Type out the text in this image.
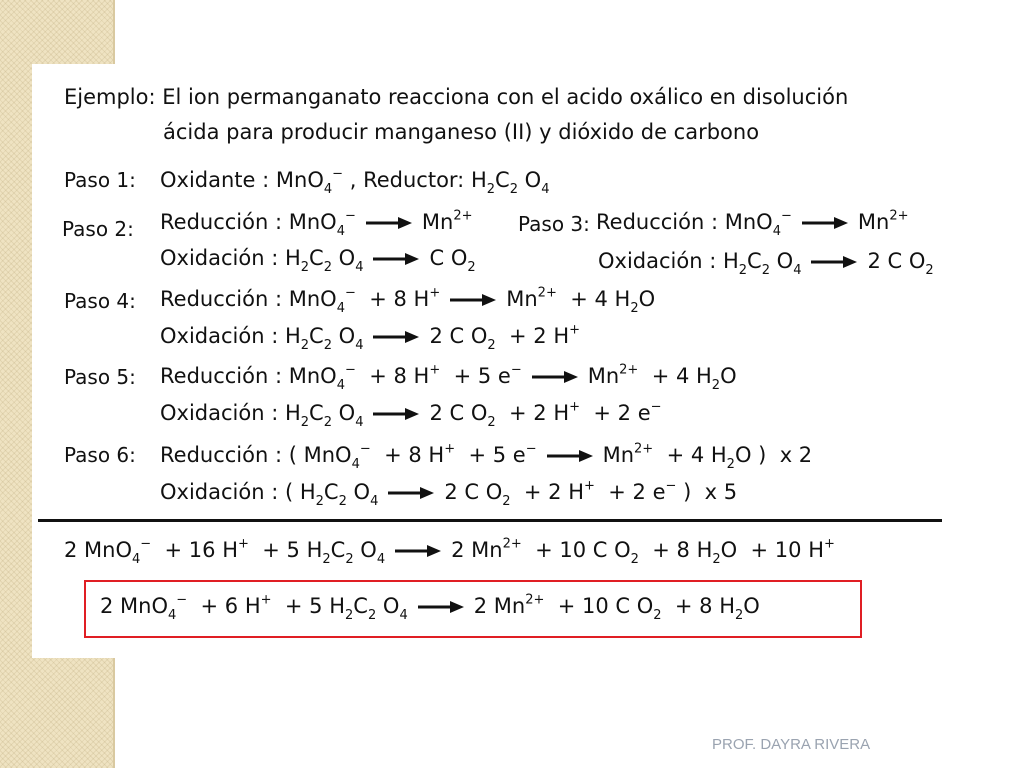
Ejemplo: El ion permanganato reacciona con el acido oxálico en disolución
ácida para producir manganeso (II) y dióxido de carbono
Paso 1: Oxidante : MnO$_4$− , Reductor: $H_2C_2$ $O_4$
Paso 2: Reducción : MnO$_4$−	$Mn^{2+}$
Oxidación : $H_2C_2$ $O_4$	C $O_2$
Paso 3: Reducción : MnO$_4$−	$Mn^{2+}$
Oxidación : $H_2C_2$ $O_4$	2 C $O_2$
Paso 4: Reducción : MnO$_4$−  + 8 H+	$Mn^{2+} + 4$ $H_2O$
Oxidación : $H_2C_2$ $O_4$	2 C $O_2 + 2$ H+
Paso 5: Reducción : MnO$_4$−  + 8 H+  + 5 e−	$Mn^{2+} + 4$ $H_2O$
Oxidación : $H_2C_2$ $O_4$	2 C $O_2 + 2$ H+  + 2 e−
Paso 6: Reducción : ( MnO$_4$−  + 8 H+  + 5 e−	$Mn^{2+} + 4$ $H_2O$ )  x 2
Oxidación : ( $H_2C_2$ $O_4$	2 C $O_2 + 2$ H+  + 2 e− )  x 5
2 MnO$_4$−  + 16 H+  + 5 $H_2C_2$ $O_4$	2 $Mn^{2+} + 10$ C $O_2 + 8$ $H_2O + 10$ H+
2 MnO$_4$−  + 6 H+  + 5 $H_2C_2$ $O_4$	2 $Mn^{2+} + 10$ C $O_2 + 8$ $H_2O$
PROF. DAYRA RIVERA
